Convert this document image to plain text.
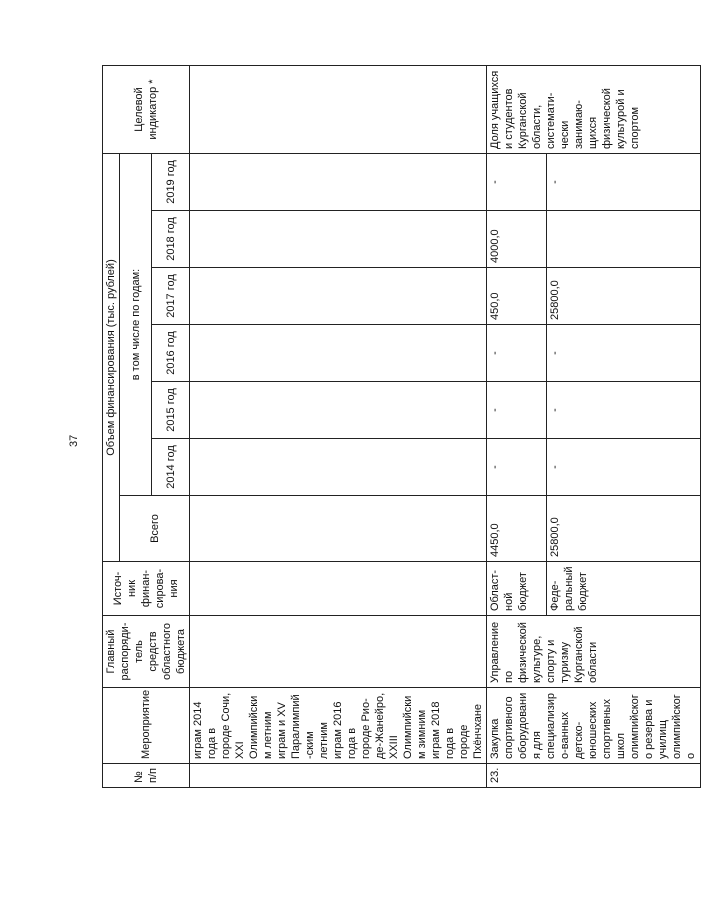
37
№
п/п	Мероприятие	Главный распоряди-тель средств областного бюджета	Источ-ник финан-сирова-ния	Объем финансирования (тыс. рублей)							Целевой индикатор *
				Всего	в том числе по годам:						
					2014 год	2015 год	2016 год	2017 год	2018 год	2019 год	
	играм 2014 года в городе Сочи, XXI Олимпийским летним играм и XV Паралимпий-ским летним играм 2016 года в городе Рио-де-Жанейро, XXIII Олимпийским зимним играм 2018 года в городе Пхёнчхане										
23.	Закупка спортивного оборудования для специализиро-ванных детско-юношеских спортивных школ олимпийского резерва и училищ олимпийского	Управление по физической культуре, спорту и туризму Курганской области	Област-ной бюджет	4450,0	-	-	-	450,0	4000,0	-	Доля учащихся и студентов Курганской области, системати-чески занимаю-щихся физической культурой и спортом
			Феде-ральный бюджет	25800,0	-	-	-	25800,0		-	
